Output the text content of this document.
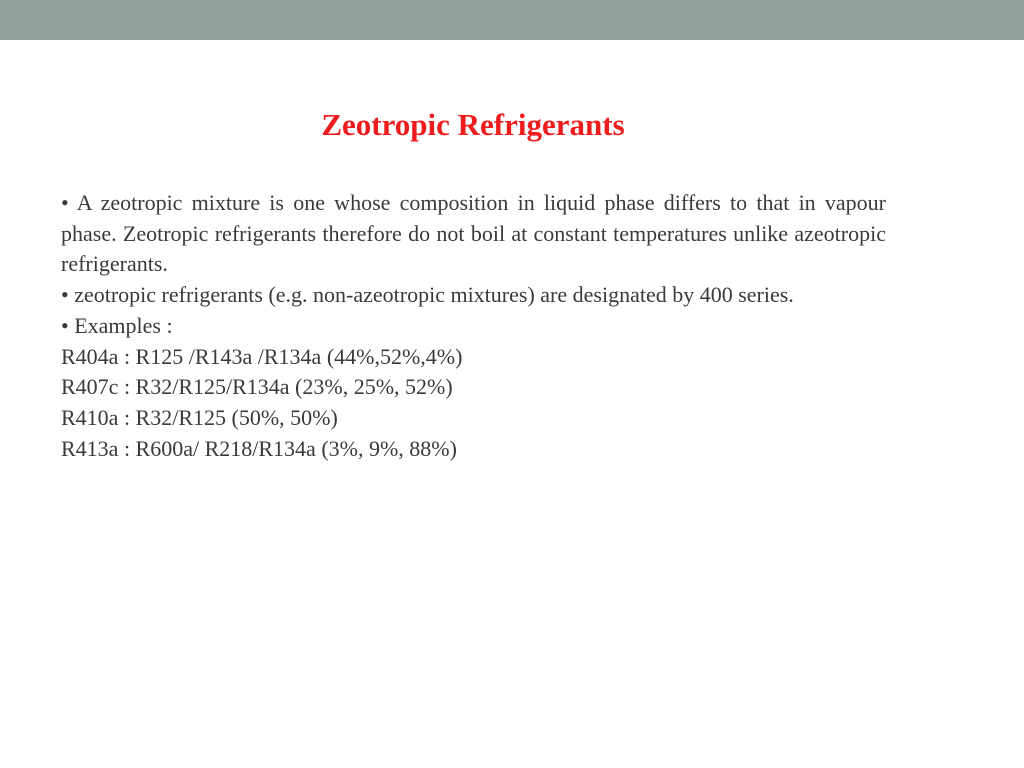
Zeotropic Refrigerants

• A zeotropic mixture is one whose composition in liquid phase differs to that in vapour phase. Zeotropic refrigerants therefore do not boil at constant temperatures unlike azeotropic refrigerants.

• zeotropic refrigerants (e.g. non-azeotropic mixtures) are designated by 400 series.

• Examples :

R404a : R125 /R143a /R134a (44%,52%,4%)

R407c : R32/R125/R134a (23%, 25%, 52%)

R410a : R32/R125 (50%, 50%)

R413a : R600a/ R218/R134a (3%, 9%, 88%)
